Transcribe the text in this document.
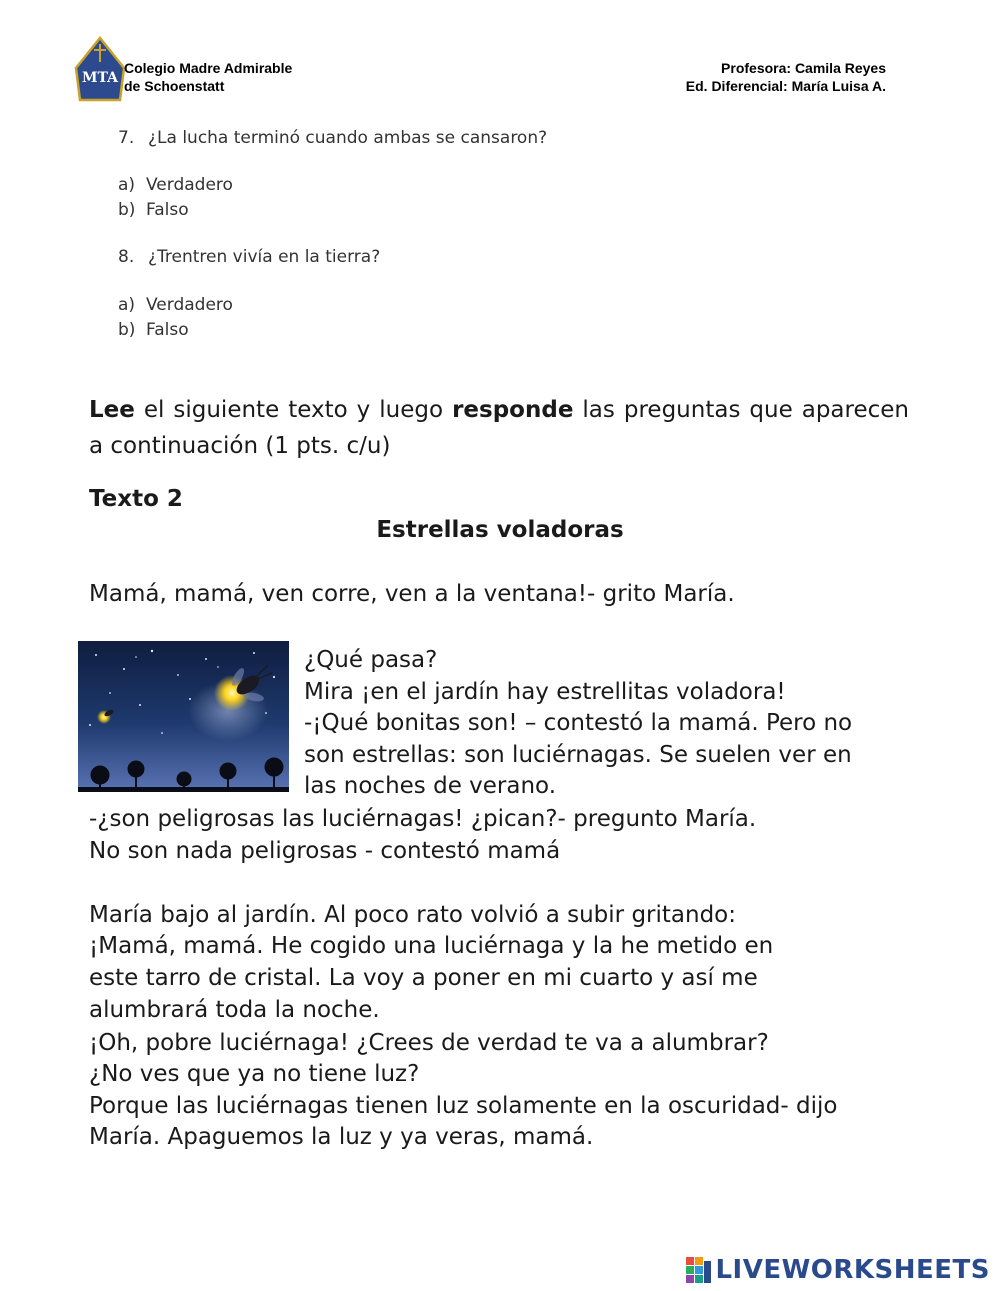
MTA
Colegio Madre Admirable
de Schoenstatt
Profesora: Camila Reyes
Ed. Diferencial: María Luisa A.
7. ¿La lucha terminó cuando ambas se cansaron?
a) Verdadero
b) Falso
8. ¿Trentren vivía en la tierra?
a) Verdadero
b) Falso
Lee el siguiente texto y luego responde las preguntas que aparecen a continuación (1 pts. c/u)
Texto 2
Estrellas voladoras
Mamá, mamá, ven corre, ven a la ventana!- grito María.
¿Qué pasa?
Mira ¡en el jardín hay estrellitas voladora!
-¡Qué bonitas son! – contestó la mamá. Pero no
son estrellas: son luciérnagas. Se suelen ver en
las noches de verano.
-¿son peligrosas las luciérnagas! ¿pican?- pregunto María.
No son nada peligrosas - contestó mamá
María bajo al jardín. Al poco rato volvió a subir gritando:
¡Mamá, mamá. He cogido una luciérnaga y la he metido en
este tarro de cristal. La voy a poner en mi cuarto y así me
alumbrará toda la noche.
¡Oh, pobre luciérnaga! ¿Crees de verdad te va a alumbrar?
¿No ves que ya no tiene luz?
Porque las luciérnagas tienen luz solamente en la oscuridad- dijo
María. Apaguemos la luz y ya veras, mamá.
LIVEWORKSHEETS
